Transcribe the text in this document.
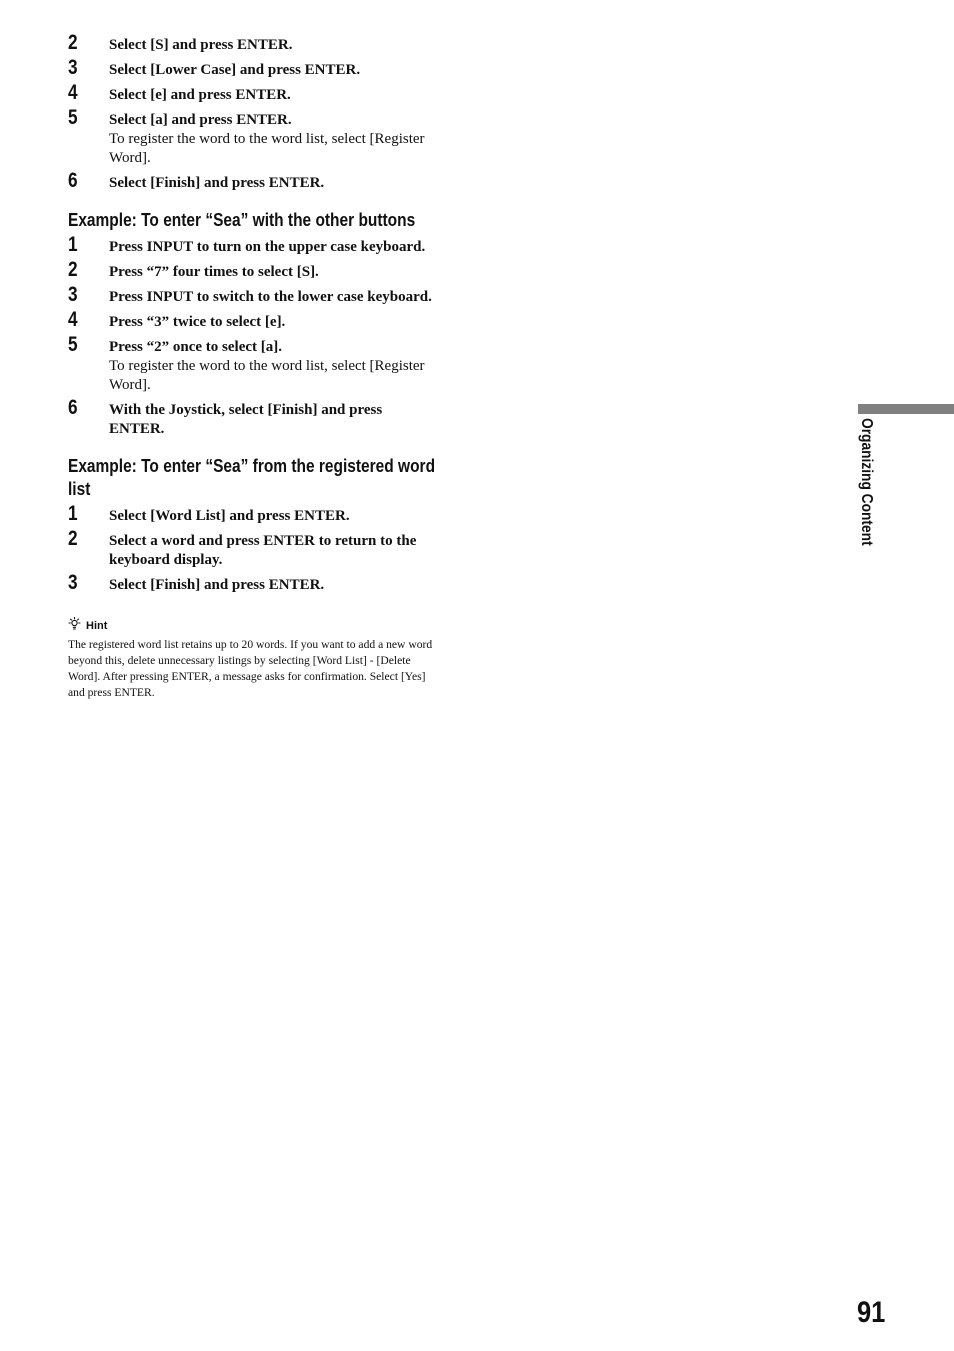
2 Select [S] and press ENTER.
3 Select [Lower Case] and press ENTER.
4 Select [e] and press ENTER.
5 Select [a] and press ENTER.
To register the word to the word list, select [Register Word].
6 Select [Finish] and press ENTER.
Example: To enter “Sea” with the other buttons
1 Press INPUT to turn on the upper case keyboard.
2 Press “7” four times to select [S].
3 Press INPUT to switch to the lower case keyboard.
4 Press “3” twice to select [e].
5 Press “2” once to select [a].
To register the word to the word list, select [Register Word].
6 With the Joystick, select [Finish] and press ENTER.
Example: To enter “Sea” from the registered word list
1 Select [Word List] and press ENTER.
2 Select a word and press ENTER to return to the keyboard display.
3 Select [Finish] and press ENTER.
Hint
The registered word list retains up to 20 words. If you want to add a new word beyond this, delete unnecessary listings by selecting [Word List] - [Delete Word]. After pressing ENTER, a message asks for confirmation. Select [Yes] and press ENTER.
Organizing Content
91
